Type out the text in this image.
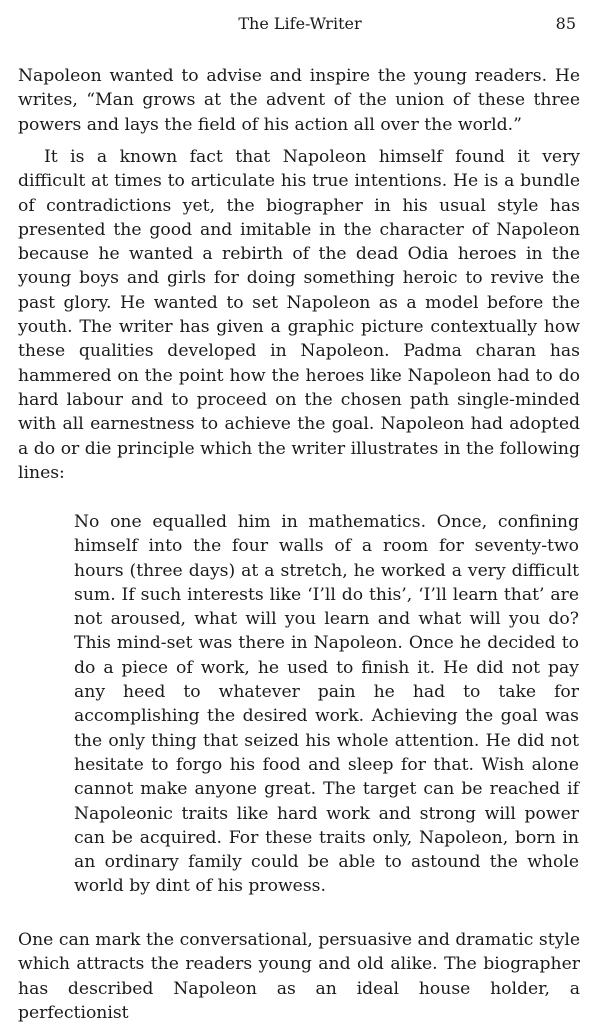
The Life-Writer	85

Napoleon wanted to advise and inspire the young readers. He writes, “Man grows at the advent of the union of these three powers and lays the field of his action all over the world.”

It is a known fact that Napoleon himself found it very difficult at times to articulate his true intentions. He is a bundle of contradictions yet, the biographer in his usual style has presented the good and imitable in the character of Napoleon because he wanted a rebirth of the dead Odia heroes in the young boys and girls for doing something heroic to revive the past glory. He wanted to set Napoleon as a model before the youth. The writer has given a graphic picture contextually how these qualities developed in Napoleon. Padma charan has hammered on the point how the heroes like Napoleon had to do hard labour and to proceed on the chosen path single-minded with all earnestness to achieve the goal. Napoleon had adopted a do or die principle which the writer illustrates in the following lines:

No one equalled him in mathematics. Once, confining himself into the four walls of a room for seventy-two hours (three days) at a stretch, he worked a very difficult sum. If such interests like ‘I’ll do this’, ‘I’ll learn that’ are not aroused, what will you learn and what will you do? This mind-set was there in Napoleon. Once he decided to do a piece of work, he used to finish it. He did not pay any heed to whatever pain he had to take for accomplishing the desired work. Achieving the goal was the only thing that seized his whole attention. He did not hesitate to forgo his food and sleep for that. Wish alone cannot make anyone great. The target can be reached if Napoleonic traits like hard work and strong will power can be acquired. For these traits only, Napoleon, born in an ordinary family could be able to astound the whole world by dint of his prowess.

One can mark the conversational, persuasive and dramatic style which attracts the readers young and old alike. The biographer has described Napoleon as an ideal house holder, a perfectionist
